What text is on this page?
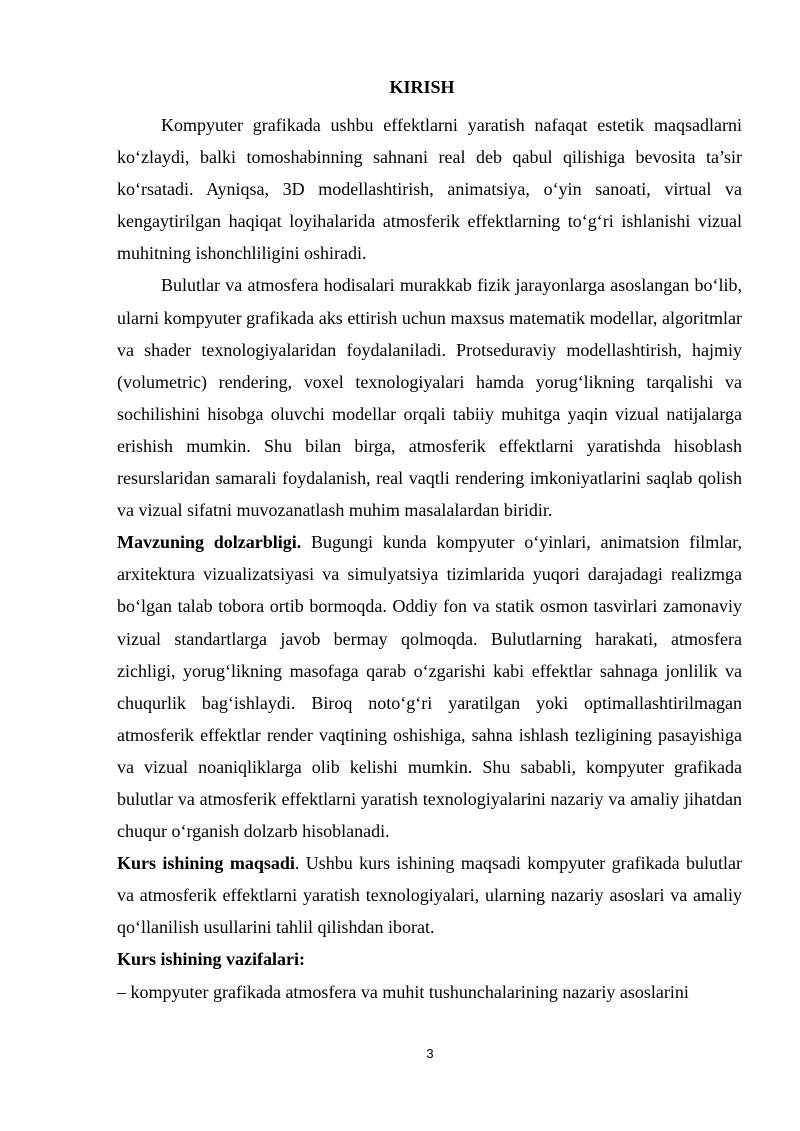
KIRISH

Kompyuter grafikada ushbu effektlarni yaratish nafaqat estetik maqsadlarni ko‘zlaydi, balki tomoshabinning sahnani real deb qabul qilishiga bevosita ta’sir ko‘rsatadi. Ayniqsa, 3D modellashtirish, animatsiya, o‘yin sanoati, virtual va kengaytirilgan haqiqat loyihalarida atmosferik effektlarning to‘g‘ri ishlanishi vizual muhitning ishonchliligini oshiradi.

Bulutlar va atmosfera hodisalari murakkab fizik jarayonlarga asoslangan bo‘lib, ularni kompyuter grafikada aks ettirish uchun maxsus matematik modellar, algoritmlar va shader texnologiyalaridan foydalaniladi. Protseduraviy modellashtirish, hajmiy (volumetric) rendering, voxel texnologiyalari hamda yorug‘likning tarqalishi va sochilishini hisobga oluvchi modellar orqali tabiiy muhitga yaqin vizual natijalarga erishish mumkin. Shu bilan birga, atmosferik effektlarni yaratishda hisoblash resurslaridan samarali foydalanish, real vaqtli rendering imkoniyatlarini saqlab qolish va vizual sifatni muvozanatlash muhim masalalardan biridir.

Mavzuning dolzarbligi. Bugungi kunda kompyuter o‘yinlari, animatsion filmlar, arxitektura vizualizatsiyasi va simulyatsiya tizimlarida yuqori darajadagi realizmga bo‘lgan talab tobora ortib bormoqda. Oddiy fon va statik osmon tasvirlari zamonaviy vizual standartlarga javob bermay qolmoqda. Bulutlarning harakati, atmosfera zichligi, yorug‘likning masofaga qarab o‘zgarishi kabi effektlar sahnaga jonlilik va chuqurlik bag‘ishlaydi. Biroq noto‘g‘ri yaratilgan yoki optimallashtirilmagan atmosferik effektlar render vaqtining oshishiga, sahna ishlash tezligining pasayishiga va vizual noaniqliklarga olib kelishi mumkin. Shu sababli, kompyuter grafikada bulutlar va atmosferik effektlarni yaratish texnologiyalarini nazariy va amaliy jihatdan chuqur o‘rganish dolzarb hisoblanadi.

Kurs ishining maqsadi. Ushbu kurs ishining maqsadi kompyuter grafikada bulutlar va atmosferik effektlarni yaratish texnologiyalari, ularning nazariy asoslari va amaliy qo‘llanilish usullarini tahlil qilishdan iborat.

Kurs ishining vazifalari:

– kompyuter grafikada atmosfera va muhit tushunchalarining nazariy asoslarini

3
